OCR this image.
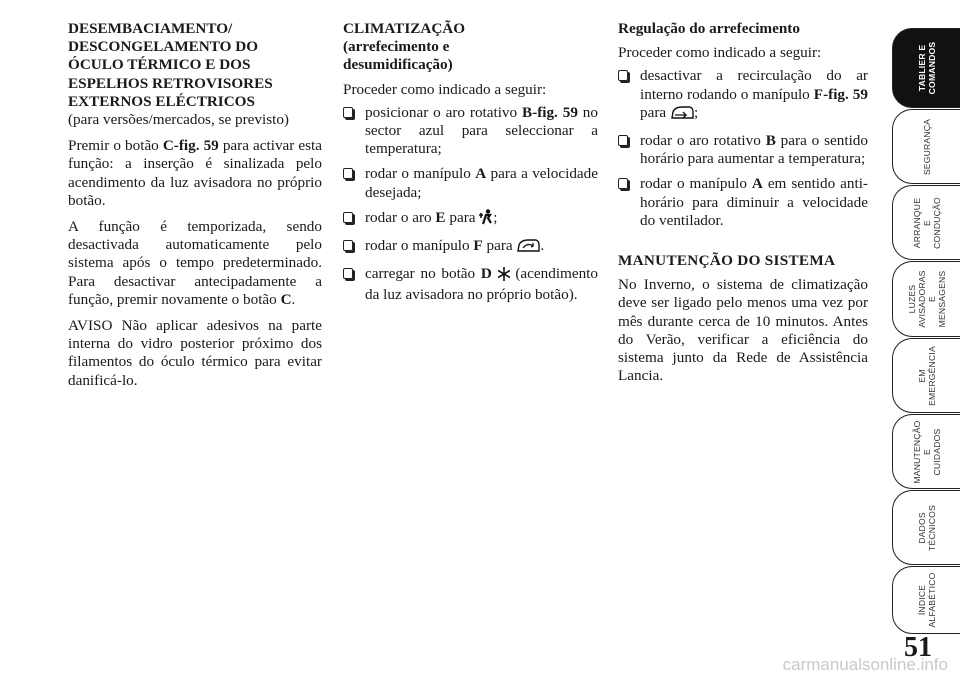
DESEMBACIAMENTO/
DESCONGELAMENTO DO
ÓCULO TÉRMICO E DOS
ESPELHOS RETROVISORES
EXTERNOS ELÉCTRICOS
(para versões/mercados, se previsto)

Premir o botão C-fig. 59 para activar esta função: a inserção é sinalizada pelo acendimento da luz avisadora no próprio botão.

A função é temporizada, sendo desactivada automaticamente pelo sistema após o tempo predeterminado. Para desactivar antecipadamente a função, premir novamente o botão C.

AVISO Não aplicar adesivos na parte interna do vidro posterior próximo dos filamentos do óculo térmico para evitar danificá-lo.

CLIMATIZAÇÃO
(arrefecimento e
desumidificação)

Proceder como indicado a seguir:

posicionar o aro rotativo B-fig. 59 no sector azul para seleccionar a temperatura;
rodar o manípulo A para a velocidade desejada;
rodar o aro E para ;
rodar o manípulo F para .
carregar no botão D  (acendimento da luz avisadora no próprio botão).
Regulação do arrefecimento

Proceder como indicado a seguir:

desactivar a recirculação do ar interno rodando o manípulo F-fig. 59 para ;
rodar o aro rotativo B para o sentido horário para aumentar a temperatura;
rodar o manípulo A em sentido anti-horário para diminuir a velocidade do ventilador.
MANUTENÇÃO DO SISTEMA

No Inverno, o sistema de climatização deve ser ligado pelo menos uma vez por mês durante cerca de 10 minutos. Antes do Verão, verificar a eficiência do sistema junto da Rede de Assistência Lancia.

TABLIER E
COMANDOS
SEGURANÇA
ARRANQUE E
CONDUÇÃO
LUZES
AVISADORAS
E MENSAGENS
EM
EMERGÊNCIA
MANUTENÇÃO E
CUIDADOS
DADOS
TÉCNICOS
ÍNDICE
ALFABÉTICO
51
carmanualsonline.info
